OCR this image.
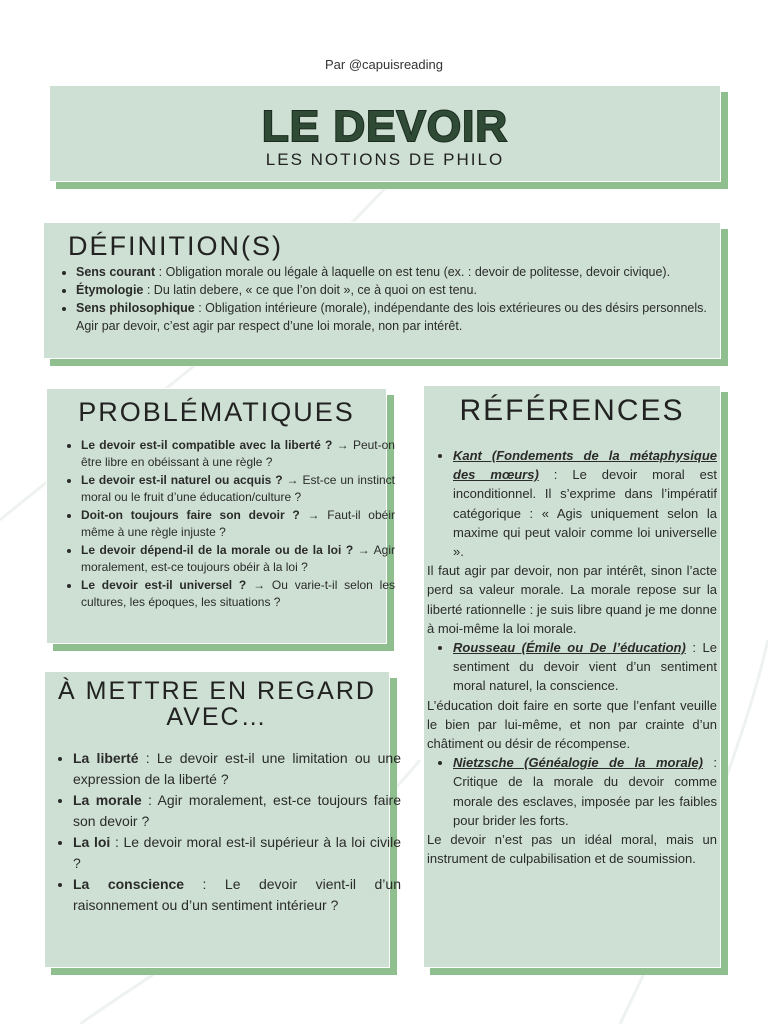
Par @capuisreading
LE DEVOIR
LES NOTIONS DE PHILO
DÉFINITION(S)
• Sens courant : Obligation morale ou légale à laquelle on est tenu (ex. : devoir de politesse, devoir civique).
• Étymologie : Du latin debere, « ce que l’on doit », ce à quoi on est tenu.
• Sens philosophique : Obligation intérieure (morale), indépendante des lois extérieures ou des désirs personnels. Agir par devoir, c’est agir par respect d’une loi morale, non par intérêt.
PROBLÉMATIQUES
• Le devoir est-il compatible avec la liberté ? → Peut-on être libre en obéissant à une règle ?
• Le devoir est-il naturel ou acquis ? → Est-ce un instinct moral ou le fruit d’une éducation/culture ?
• Doit-on toujours faire son devoir ? → Faut-il obéir même à une règle injuste ?
• Le devoir dépend-il de la morale ou de la loi ? → Agir moralement, est-ce toujours obéir à la loi ?
• Le devoir est-il universel ? → Ou varie-t-il selon les cultures, les époques, les situations ?
À METTRE EN REGARD AVEC…
• La liberté : Le devoir est-il une limitation ou une expression de la liberté ?
• La morale : Agir moralement, est-ce toujours faire son devoir ?
• La loi : Le devoir moral est-il supérieur à la loi civile ?
• La conscience : Le devoir vient-il d’un raisonnement ou d’un sentiment intérieur ?
RÉFÉRENCES
• Kant (Fondements de la métaphysique des mœurs) : Le devoir moral est inconditionnel. Il s’exprime dans l’impératif catégorique : « Agis uniquement selon la maxime qui peut valoir comme loi universelle ».

Il faut agir par devoir, non par intérêt, sinon l’acte perd sa valeur morale. La morale repose sur la liberté rationnelle : je suis libre quand je me donne à moi-même la loi morale.

• Rousseau (Émile ou De l’éducation) : Le sentiment du devoir vient d’un sentiment moral naturel, la conscience.

L’éducation doit faire en sorte que l’enfant veuille le bien par lui-même, et non par crainte d’un châtiment ou désir de récompense.

• Nietzsche (Généalogie de la morale) : Critique de la morale du devoir comme morale des esclaves, imposée par les faibles pour brider les forts.

Le devoir n’est pas un idéal moral, mais un instrument de culpabilisation et de soumission.
